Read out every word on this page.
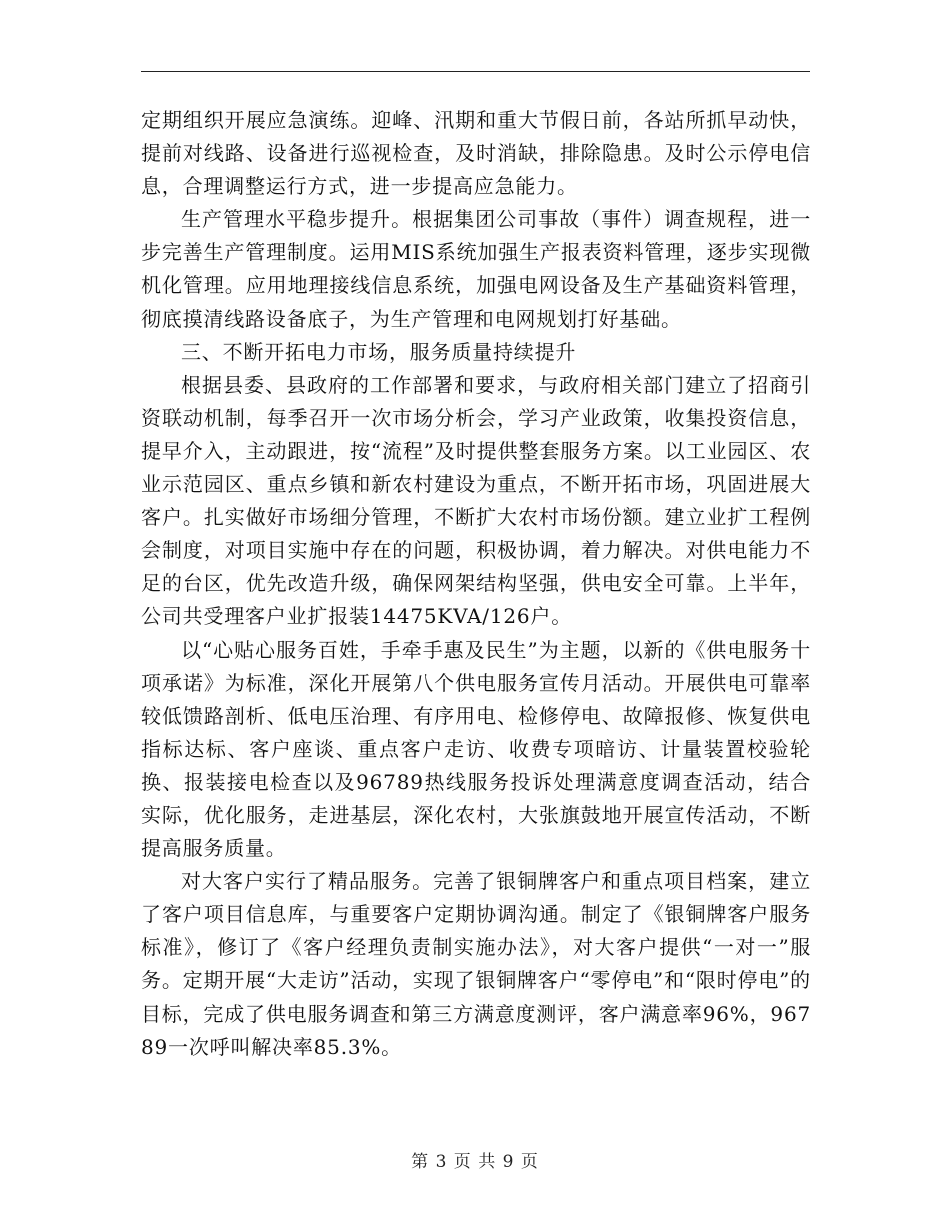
定期组织开展应急演练。迎峰、汛期和重大节假日前，各站所抓早动快，提前对线路、设备进行巡视检查，及时消缺，排除隐患。及时公示停电信息，合理调整运行方式，进一步提高应急能力。

生产管理水平稳步提升。根据集团公司事故（事件）调查规程，进一步完善生产管理制度。运用MIS系统加强生产报表资料管理，逐步实现微机化管理。应用地理接线信息系统，加强电网设备及生产基础资料管理，彻底摸清线路设备底子，为生产管理和电网规划打好基础。

三、不断开拓电力市场，服务质量持续提升

根据县委、县政府的工作部署和要求，与政府相关部门建立了招商引资联动机制，每季召开一次市场分析会，学习产业政策，收集投资信息，提早介入，主动跟进，按“流程”及时提供整套服务方案。以工业园区、农业示范园区、重点乡镇和新农村建设为重点，不断开拓市场，巩固进展大客户。扎实做好市场细分管理，不断扩大农村市场份额。建立业扩工程例会制度，对项目实施中存在的问题，积极协调，着力解决。对供电能力不足的台区，优先改造升级，确保网架结构坚强，供电安全可靠。上半年，公司共受理客户业扩报装14475KVA/126户。

以“心贴心服务百姓，手牵手惠及民生”为主题，以新的《供电服务十项承诺》为标准，深化开展第八个供电服务宣传月活动。开展供电可靠率较低馈路剖析、低电压治理、有序用电、检修停电、故障报修、恢复供电指标达标、客户座谈、重点客户走访、收费专项暗访、计量装置校验轮换、报装接电检查以及96789热线服务投诉处理满意度调查活动，结合实际，优化服务，走进基层，深化农村，大张旗鼓地开展宣传活动，不断提高服务质量。

对大客户实行了精品服务。完善了银铜牌客户和重点项目档案，建立了客户项目信息库，与重要客户定期协调沟通。制定了《银铜牌客户服务标准》，修订了《客户经理负责制实施办法》，对大客户提供“一对一”服务。定期开展“大走访”活动，实现了银铜牌客户“零停电”和“限时停电”的目标，完成了供电服务调查和第三方满意度测评，客户满意率96%，96789一次呼叫解决率85.3%。

第 3 页 共 9 页
